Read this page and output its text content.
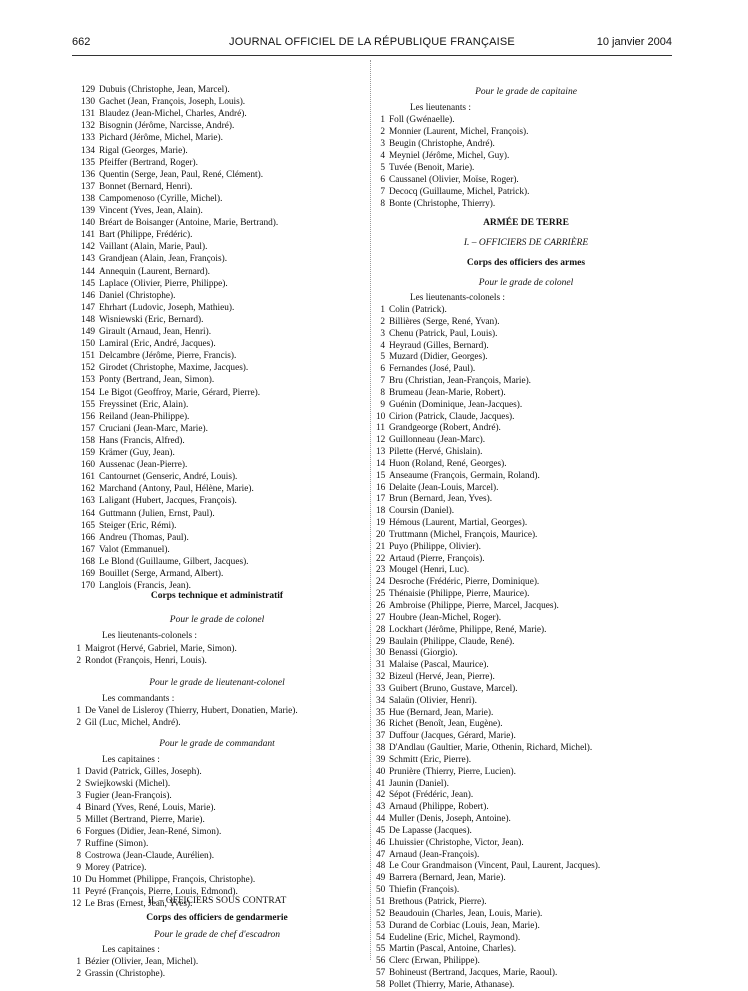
662	JOURNAL OFFICIEL DE LA RÉPUBLIQUE FRANÇAISE	10 janvier 2004
129 Dubuis (Christophe, Jean, Marcel).
130 Gachet (Jean, François, Joseph, Louis).
131 Blaudez (Jean-Michel, Charles, André).
132 Bisognin (Jérôme, Narcisse, André).
133 Pichard (Jérôme, Michel, Marie).
134 Rigal (Georges, Marie).
135 Pfeiffer (Bertrand, Roger).
136 Quentin (Serge, Jean, Paul, René, Clément).
137 Bonnet (Bernard, Henri).
138 Campomenoso (Cyrille, Michel).
139 Vincent (Yves, Jean, Alain).
140 Bréart de Boisanger (Antoine, Marie, Bertrand).
141 Bart (Philippe, Frédéric).
142 Vaillant (Alain, Marie, Paul).
143 Grandjean (Alain, Jean, François).
144 Annequin (Laurent, Bernard).
145 Laplace (Olivier, Pierre, Philippe).
146 Daniel (Christophe).
147 Ehrhart (Ludovic, Joseph, Mathieu).
148 Wisniewski (Eric, Bernard).
149 Girault (Arnaud, Jean, Henri).
150 Lamiral (Eric, André, Jacques).
151 Delcambre (Jérôme, Pierre, Francis).
152 Girodet (Christophe, Maxime, Jacques).
153 Ponty (Bertrand, Jean, Simon).
154 Le Bigot (Geoffroy, Marie, Gérard, Pierre).
155 Freyssinet (Eric, Alain).
156 Reiland (Jean-Philippe).
157 Cruciani (Jean-Marc, Marie).
158 Hans (Francis, Alfred).
159 Krämer (Guy, Jean).
160 Aussenac (Jean-Pierre).
161 Cantournet (Genseric, André, Louis).
162 Marchand (Antony, Paul, Hélène, Marie).
163 Laligant (Hubert, Jacques, François).
164 Guttmann (Julien, Ernst, Paul).
165 Steiger (Eric, Rémi).
166 Andreu (Thomas, Paul).
167 Valot (Emmanuel).
168 Le Blond (Guillaume, Gilbert, Jacques).
169 Bouillet (Serge, Armand, Albert).
170 Langlois (Francis, Jean).
Corps technique et administratif
Pour le grade de colonel
Les lieutenants-colonels :
1 Maigrot (Hervé, Gabriel, Marie, Simon).
2 Rondot (François, Henri, Louis).
Pour le grade de lieutenant-colonel
Les commandants :
1 De Vanel de Lisleroy (Thierry, Hubert, Donatien, Marie).
2 Gil (Luc, Michel, André).
Pour le grade de commandant
Les capitaines :
1 David (Patrick, Gilles, Joseph).
2 Swiejkowski (Michel).
3 Fugier (Jean-François).
4 Binard (Yves, René, Louis, Marie).
5 Millet (Bertrand, Pierre, Marie).
6 Forgues (Didier, Jean-René, Simon).
7 Ruffine (Simon).
8 Costrowa (Jean-Claude, Aurélien).
9 Morey (Patrice).
10 Du Hommet (Philippe, François, Christophe).
11 Peyré (François, Pierre, Louis, Edmond).
12 Le Bras (Ernest, Jean, Yves).
II. – OFFICIERS SOUS CONTRAT
Corps des officiers de gendarmerie
Pour le grade de chef d'escadron
Les capitaines :
1 Bézier (Olivier, Jean, Michel).
2 Grassin (Christophe).
Pour le grade de capitaine
Les lieutenants :
1 Foll (Gwénaelle).
2 Monnier (Laurent, Michel, François).
3 Beugin (Christophe, André).
4 Meyniel (Jérôme, Michel, Guy).
5 Tuvée (Benoit, Marie).
6 Caussanel (Olivier, Moïse, Roger).
7 Decocq (Guillaume, Michel, Patrick).
8 Bonte (Christophe, Thierry).
ARMÉE DE TERRE
I. – OFFICIERS DE CARRIÈRE
Corps des officiers des armes
Pour le grade de colonel
Les lieutenants-colonels :
1 Colin (Patrick).
2 Billières (Serge, René, Yvan).
3 Chenu (Patrick, Paul, Louis).
4 Heyraud (Gilles, Bernard).
5 Muzard (Didier, Georges).
6 Fernandes (José, Paul).
7 Bru (Christian, Jean-François, Marie).
8 Brumeau (Jean-Marie, Robert).
9 Guénin (Dominique, Jean-Jacques).
10 Cirion (Patrick, Claude, Jacques).
11 Grandgeorge (Robert, André).
12 Guillonneau (Jean-Marc).
13 Pilette (Hervé, Ghislain).
14 Huon (Roland, René, Georges).
15 Anseaume (François, Germain, Roland).
16 Delaite (Jean-Louis, Marcel).
17 Brun (Bernard, Jean, Yves).
18 Coursin (Daniel).
19 Hémous (Laurent, Martial, Georges).
20 Truttmann (Michel, François, Maurice).
21 Puyo (Philippe, Olivier).
22 Artaud (Pierre, François).
23 Mougel (Henri, Luc).
24 Desroche (Frédéric, Pierre, Dominique).
25 Thénaisie (Philippe, Pierre, Maurice).
26 Ambroise (Philippe, Pierre, Marcel, Jacques).
27 Houbre (Jean-Michel, Roger).
28 Lockhart (Jérôme, Philippe, René, Marie).
29 Baulain (Philippe, Claude, René).
30 Benassi (Giorgio).
31 Malaise (Pascal, Maurice).
32 Bizeul (Hervé, Jean, Pierre).
33 Guibert (Bruno, Gustave, Marcel).
34 Salaün (Olivier, Henri).
35 Hue (Bernard, Jean, Marie).
36 Richet (Benoît, Jean, Eugène).
37 Duffour (Jacques, Gérard, Marie).
38 D'Andlau (Gaultier, Marie, Othenin, Richard, Michel).
39 Schmitt (Eric, Pierre).
40 Prunière (Thierry, Pierre, Lucien).
41 Jaunin (Daniel).
42 Sépot (Frédéric, Jean).
43 Arnaud (Philippe, Robert).
44 Muller (Denis, Joseph, Antoine).
45 De Lapasse (Jacques).
46 Lhuissier (Christophe, Victor, Jean).
47 Arnaud (Jean-François).
48 Le Cour Grandmaison (Vincent, Paul, Laurent, Jacques).
49 Barrera (Bernard, Jean, Marie).
50 Thiefin (François).
51 Brethous (Patrick, Pierre).
52 Beaudouin (Charles, Jean, Louis, Marie).
53 Durand de Corbiac (Louis, Jean, Marie).
54 Eudeline (Eric, Michel, Raymond).
55 Martin (Pascal, Antoine, Charles).
56 Clerc (Erwan, Philippe).
57 Bohineust (Bertrand, Jacques, Marie, Raoul).
58 Pollet (Thierry, Marie, Athanase).
